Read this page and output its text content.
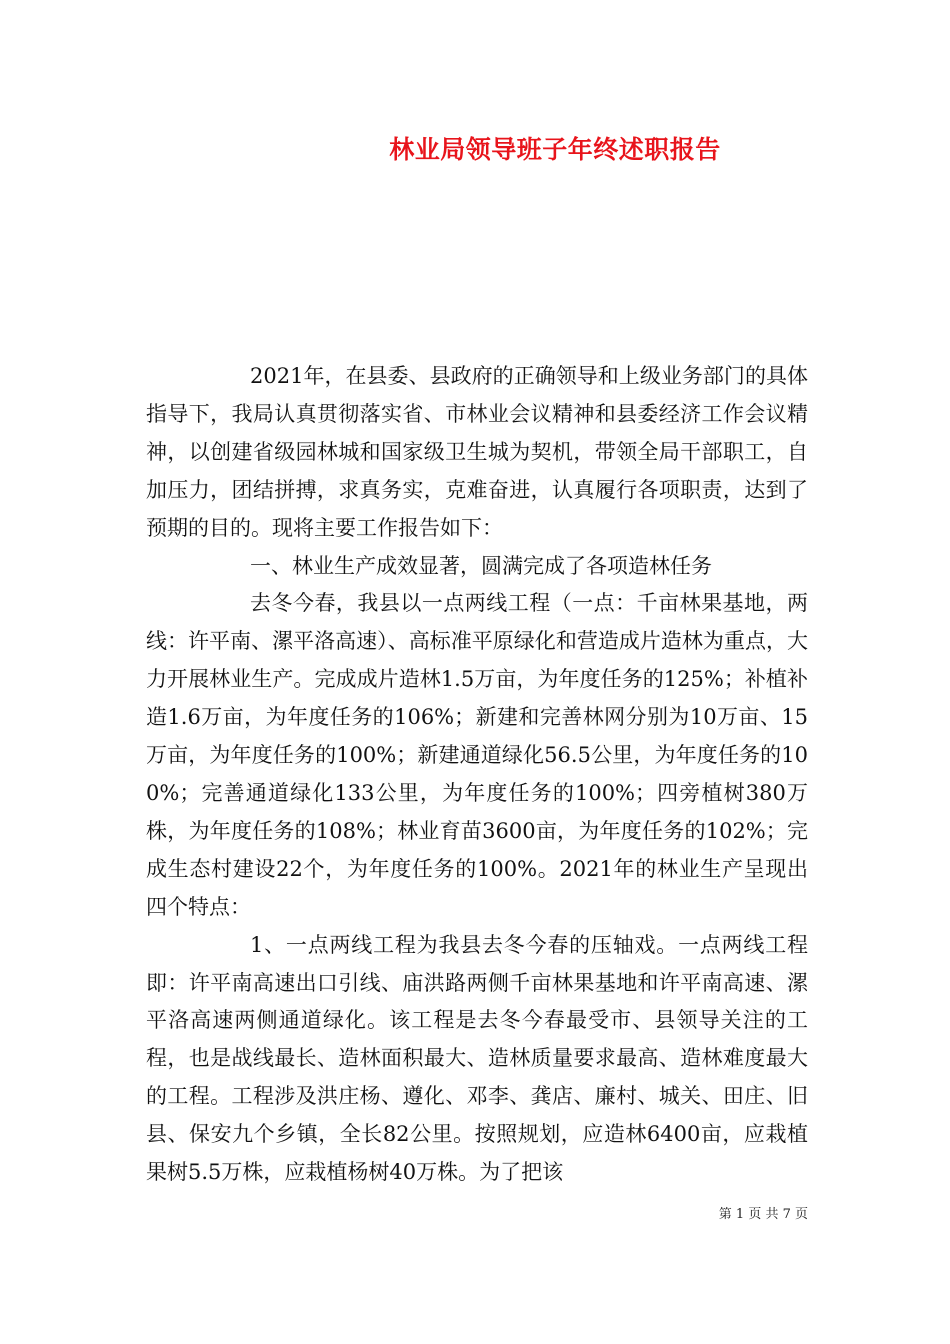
林业局领导班子年终述职报告

2021年，在县委、县政府的正确领导和上级业务部门的具体指导下，我局认真贯彻落实省、市林业会议精神和县委经济工作会议精神，以创建省级园林城和国家级卫生城为契机，带领全局干部职工，自加压力，团结拼搏，求真务实，克难奋进，认真履行各项职责，达到了预期的目的。现将主要工作报告如下：

一、林业生产成效显著，圆满完成了各项造林任务

去冬今春，我县以一点两线工程（一点：千亩林果基地，两线：许平南、漯平洛高速）、高标准平原绿化和营造成片造林为重点，大力开展林业生产。完成成片造林1.5万亩，为年度任务的125%；补植补造1.6万亩，为年度任务的106%；新建和完善林网分别为10万亩、15万亩，为年度任务的100%；新建通道绿化56.5公里，为年度任务的100%；完善通道绿化133公里，为年度任务的100%；四旁植树380万株，为年度任务的108%；林业育苗3600亩，为年度任务的102%；完成生态村建设22个，为年度任务的100%。2021年的林业生产呈现出四个特点：

1、一点两线工程为我县去冬今春的压轴戏。一点两线工程即：许平南高速出口引线、庙洪路两侧千亩林果基地和许平南高速、漯平洛高速两侧通道绿化。该工程是去冬今春最受市、县领导关注的工程，也是战线最长、造林面积最大、造林质量要求最高、造林难度最大的工程。工程涉及洪庄杨、遵化、邓李、龚店、廉村、城关、田庄、旧县、保安九个乡镇，全长82公里。按照规划，应造林6400亩，应栽植果树5.5万株，应栽植杨树40万株。为了把该

第 1 页 共 7 页
